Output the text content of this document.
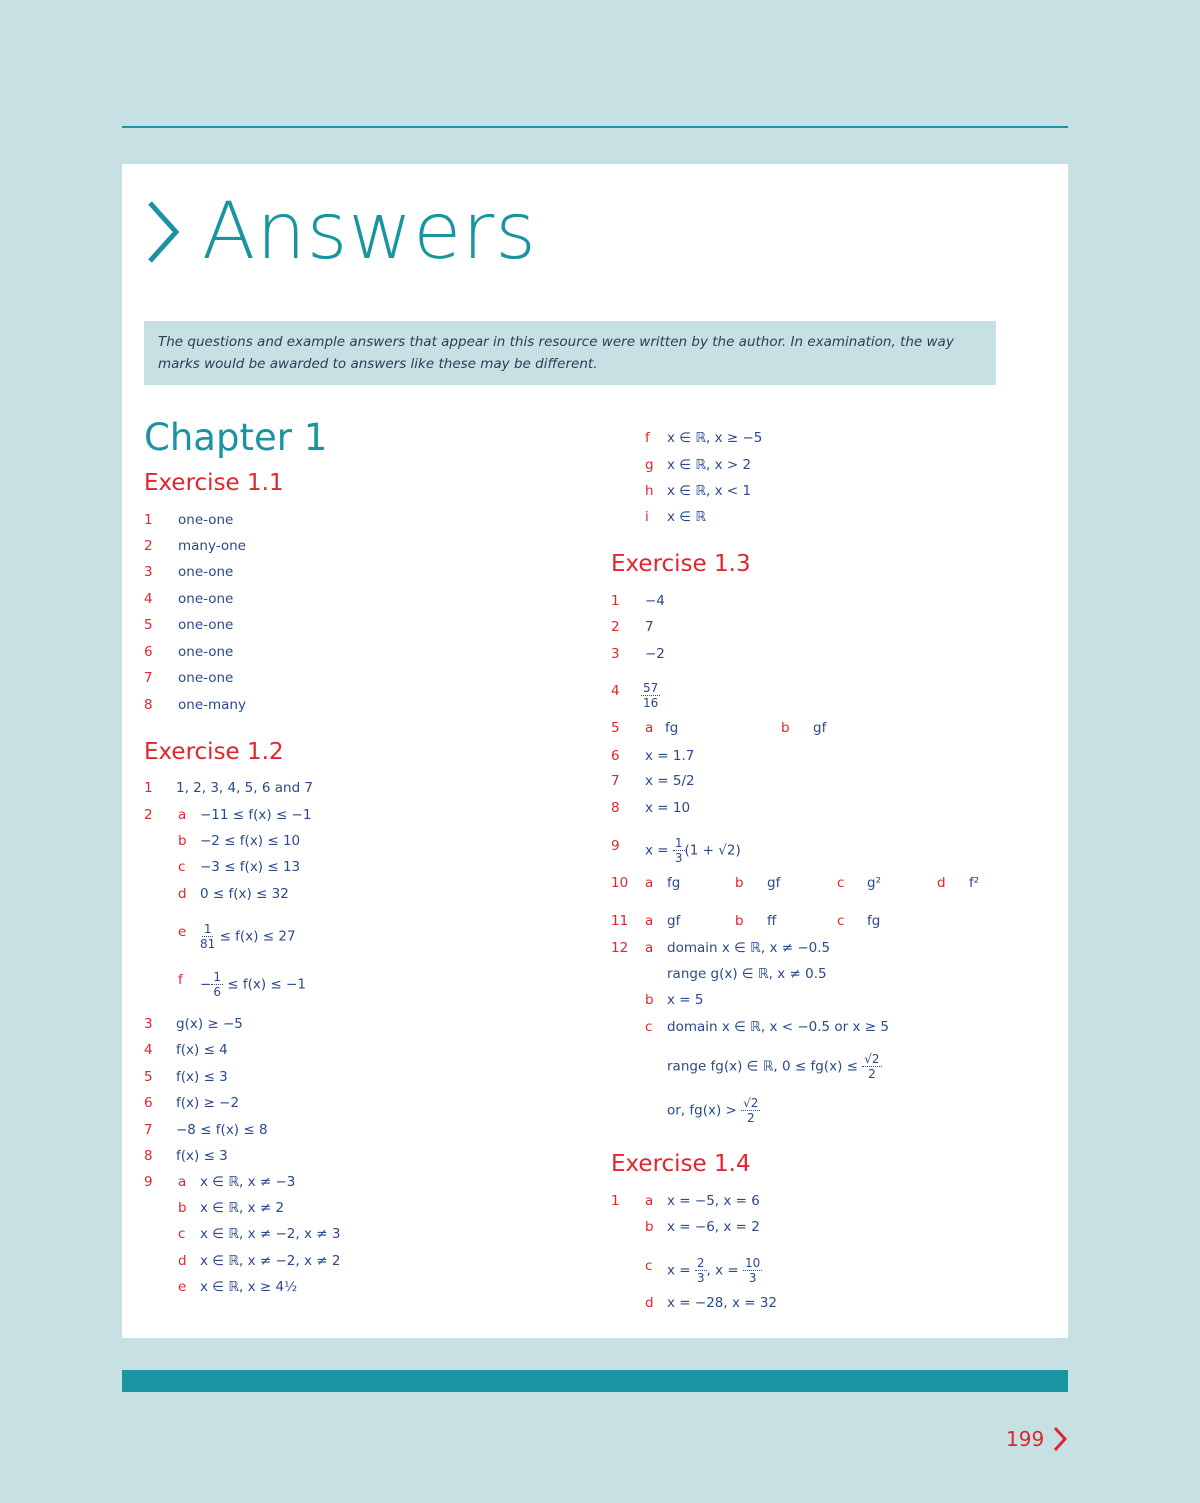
Answers
The questions and example answers that appear in this resource were written by the author. In examination, the way marks would be awarded to answers like these may be different.
Chapter 1
Exercise 1.1
1 one-one
2 many-one
3 one-one
4 one-one
5 one-one
6 one-one
7 one-one
8 one-many
Exercise 1.2
1 1, 2, 3, 4, 5, 6 and 7
2 a −11 ≤ f(x) ≤ −1
b −2 ≤ f(x) ≤ 10
c −3 ≤ f(x) ≤ 13
d 0 ≤ f(x) ≤ 32
e $\frac{1}{81} \le f(x) \le 27$
$f - \frac{1}{6} \le f(x) \le -1$
3 g(x) ≥ −5
4 f(x) ≤ 4
5 f(x) ≤ 3
6 f(x) ≥ −2
7 −8 ≤ f(x) ≤ 8
8 f(x) ≤ 3
9 a x ∈ ℝ, x ≠ −3
b x ∈ ℝ, x ≠ 2
c x ∈ ℝ, x ≠ −2, x ≠ 3
d x ∈ ℝ, x ≠ −2, x ≠ 2
e x ∈ ℝ, x ≥ 4½
f x ∈ ℝ, x ≥ −5
g x ∈ ℝ, x > 2
h x ∈ ℝ, x < 1
i x ∈ ℝ
Exercise 1.3
1 −4
2 7
3 −2
$4 \frac{57}{16}$
5 a fg	b gf
6 x = 1.7
7 x = 5/2
8 x = 10
9 $x = \frac{1}{3} (1 + √2)$
10 a fg	b gf	c g²	d f²
11 a gf	b ff	c fg
12 a domain x ∈ ℝ, x ≠ −0.5
range g(x) ∈ ℝ, x ≠ 0.5
b x = 5
c domain x ∈ ℝ, x < −0.5 or x ≥ 5
range fg(x) ∈ ℝ, $0 \le fg(x) \le \frac{√2}{2}$
or, $fg(x) > \frac{√2}{2}$
Exercise 1.4
1 a x = −5, x = 6
b x = −6, x = 2
c $x = \frac{2}{3}$ , $x = \frac{10}{3}$
d x = −28, x = 32
199
